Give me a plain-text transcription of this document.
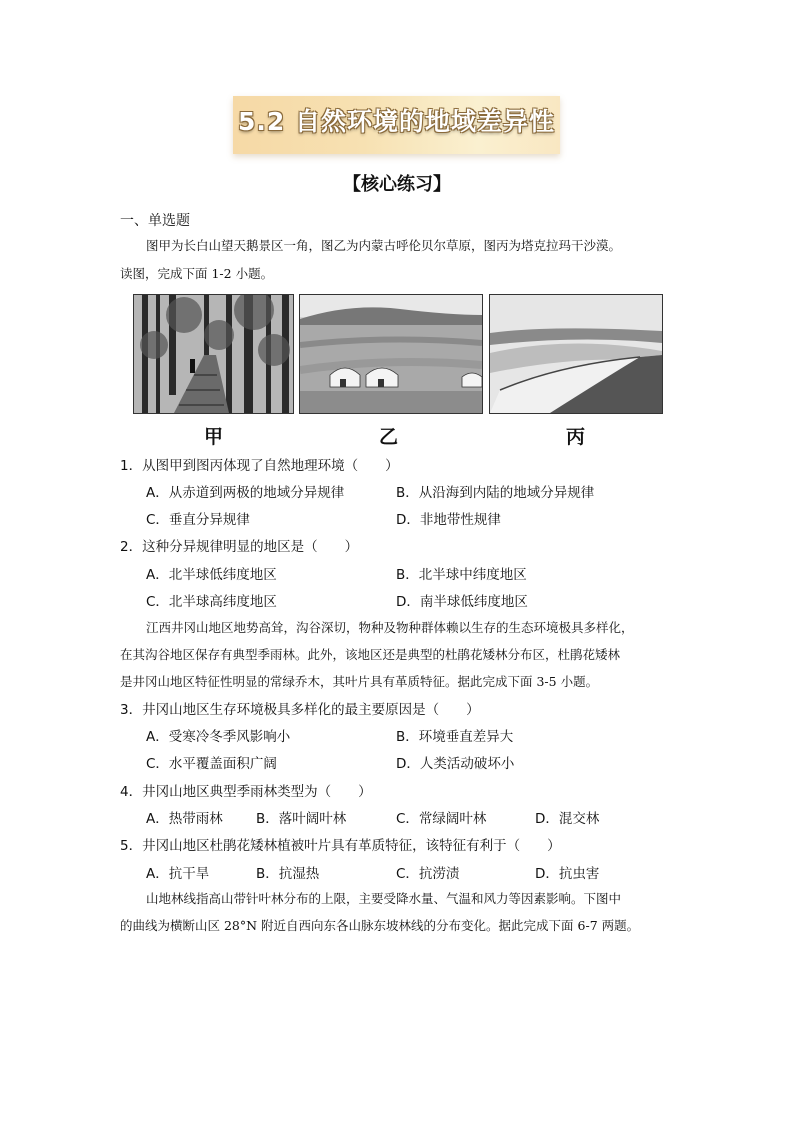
5.2 自然环境的地域差异性
【核心练习】
一、单选题
图甲为长白山望天鹅景区一角，图乙为内蒙古呼伦贝尔草原，图丙为塔克拉玛干沙漠。
读图，完成下面 1-2 小题。
甲	乙	丙
1．从图甲到图丙体现了自然地理环境（　　）
A．从赤道到两极的地域分异规律	B．从沿海到内陆的地域分异规律
C．垂直分异规律	D．非地带性规律
2．这种分异规律明显的地区是（　　）
A．北半球低纬度地区	B．北半球中纬度地区
C．北半球高纬度地区	D．南半球低纬度地区
江西井冈山地区地势高耸，沟谷深切，物种及物种群体赖以生存的生态环境极具多样化，
在其沟谷地区保存有典型季雨林。此外，该地区还是典型的杜鹃花矮林分布区，杜鹃花矮林
是井冈山地区特征性明显的常绿乔木，其叶片具有革质特征。据此完成下面 3-5 小题。
3．井冈山地区生存环境极具多样化的最主要原因是（　　）
A．受寒冷冬季风影响小	B．环境垂直差异大
C．水平覆盖面积广阔	D．人类活动破坏小
4．井冈山地区典型季雨林类型为（　　）
A．热带雨林 B．落叶阔叶林	C．常绿阔叶林	D．混交林
5．井冈山地区杜鹃花矮林植被叶片具有革质特征，该特征有利于（　　）
A．抗干旱	B．抗湿热	C．抗涝渍	D．抗虫害
山地林线指高山带针叶林分布的上限，主要受降水量、气温和风力等因素影响。下图中
的曲线为横断山区 28°N 附近自西向东各山脉东坡林线的分布变化。据此完成下面 6-7 两题。
